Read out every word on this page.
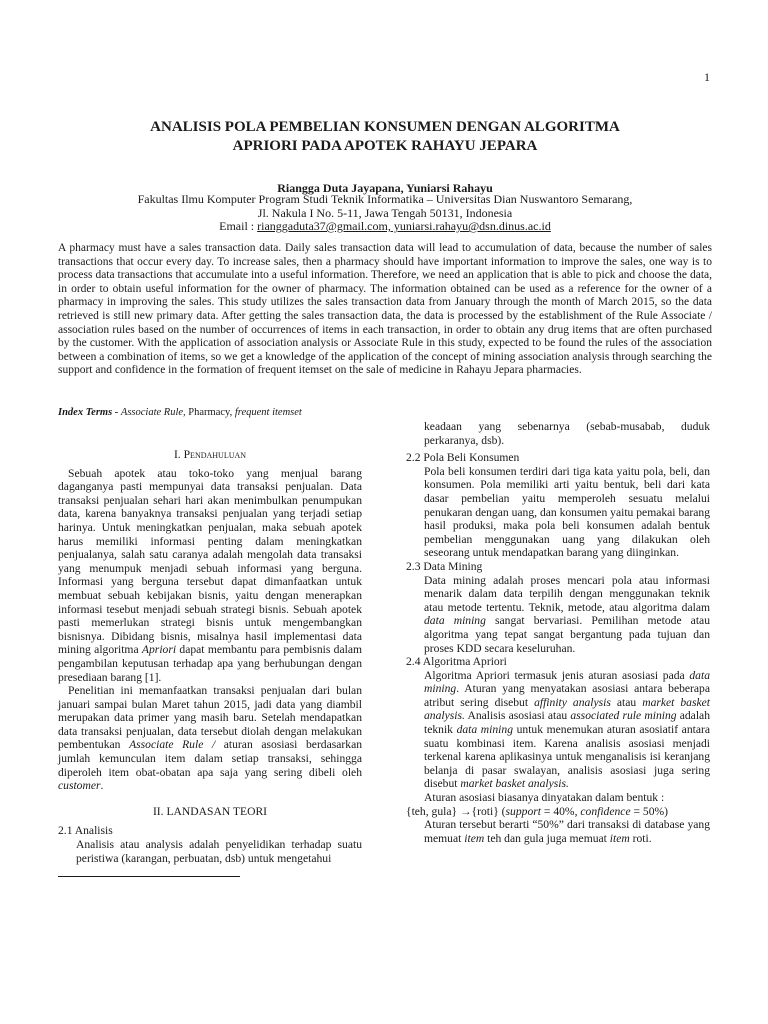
1
ANALISIS POLA PEMBELIAN KONSUMEN DENGAN ALGORITMA
APRIORI PADA APOTEK RAHAYU JEPARA
Riangga Duta Jayapana, Yuniarsi Rahayu
Fakultas Ilmu Komputer Program Studi Teknik Informatika – Universitas Dian Nuswantoro Semarang,
Jl. Nakula I No. 5-11, Jawa Tengah 50131, Indonesia
Email : rianggaduta37@gmail.com, yuniarsi.rahayu@dsn.dinus.ac.id
A pharmacy must have a sales transaction data. Daily sales transaction data will lead to accumulation of data, because the number of sales transactions that occur every day. To increase sales, then a pharmacy should have important information to improve the sales, one way is to process data transactions that accumulate into a useful information. Therefore, we need an application that is able to pick and choose the data, in order to obtain useful information for the owner of pharmacy. The information obtained can be used as a reference for the owner of a pharmacy in improving the sales. This study utilizes the sales transaction data from January through the month of March 2015, so the data retrieved is still new primary data. After getting the sales transaction data, the data is processed by the establishment of the Rule Associate / association rules based on the number of occurrences of items in each transaction, in order to obtain any drug items that are often purchased by the customer. With the application of association analysis or Associate Rule in this study, expected to be found the rules of the association between a combination of items, so we get a knowledge of the application of the concept of mining association analysis through searching the support and confidence in the formation of frequent itemset on the sale of medicine in Rahayu Jepara pharmacies.
Index Terms - Associate Rule, Pharmacy, frequent itemset
I. Pendahuluan

Sebuah apotek atau toko-toko yang menjual barang daganganya pasti mempunyai data transaksi penjualan. Data transaksi penjualan sehari hari akan menimbulkan penumpukan data, karena banyaknya transaksi penjualan yang terjadi setiap harinya. Untuk meningkatkan penjualan, maka sebuah apotek harus memiliki informasi penting dalam meningkatkan penjualanya, salah satu caranya adalah mengolah data transaksi yang menumpuk menjadi sebuah informasi yang berguna. Informasi yang berguna tersebut dapat dimanfaatkan untuk membuat sebuah kebijakan bisnis, yaitu dengan menerapkan informasi tesebut menjadi sebuah strategi bisnis. Sebuah apotek pasti memerlukan strategi bisnis untuk mengembangkan bisnisnya. Dibidang bisnis, misalnya hasil implementasi data mining algoritma Apriori dapat membantu para pembisnis dalam pengambilan keputusan terhadap apa yang berhubungan dengan presediaan barang [1].

Penelitian ini memanfaatkan transaksi penjualan dari bulan januari sampai bulan Maret tahun 2015, jadi data yang diambil merupakan data primer yang masih baru. Setelah mendapatkan data transaksi penjualan, data tersebut diolah dengan melakukan pembentukan Associate Rule / aturan asosiasi berdasarkan jumlah kemunculan item dalam setiap transaksi, sehingga diperoleh item obat-obatan apa saja yang sering dibeli oleh customer.

II. LANDASAN TEORI
2.1 Analisis

Analisis atau analysis adalah penyelidikan terhadap suatu peristiwa (karangan, perbuatan, dsb) untuk mengetahui

keadaan yang sebenarnya (sebab-musabab, duduk perkaranya, dsb).

2.2 Pola Beli Konsumen

Pola beli konsumen terdiri dari tiga kata yaitu pola, beli, dan konsumen. Pola memiliki arti yaitu bentuk, beli dari kata dasar pembelian yaitu memperoleh sesuatu melalui penukaran dengan uang, dan konsumen yaitu pemakai barang hasil produksi, maka pola beli konsumen adalah bentuk pembelian menggunakan uang yang dilakukan oleh seseorang untuk mendapatkan barang yang diinginkan.

2.3 Data Mining

Data mining adalah proses mencari pola atau informasi menarik dalam data terpilih dengan menggunakan teknik atau metode tertentu. Teknik, metode, atau algoritma dalam data mining sangat bervariasi. Pemilihan metode atau algoritma yang tepat sangat bergantung pada tujuan dan proses KDD secara keseluruhan.

2.4 Algoritma Apriori

Algoritma Apriori termasuk jenis aturan asosiasi pada data mining. Aturan yang menyatakan asosiasi antara beberapa atribut sering disebut affinity analysis atau market basket analysis. Analisis asosiasi atau associated rule mining adalah teknik data mining untuk menemukan aturan asosiatif antara suatu kombinasi item. Karena analisis asosiasi menjadi terkenal karena aplikasinya untuk menganalisis isi keranjang belanja di pasar swalayan, analisis asosiasi juga sering disebut market basket analysis.

Aturan asosiasi biasanya dinyatakan dalam bentuk :

{teh, gula} →{roti} (support = 40%, confidence = 50%)

Aturan tersebut berarti “50%” dari transaksi di database yang memuat item teh dan gula juga memuat item roti.
